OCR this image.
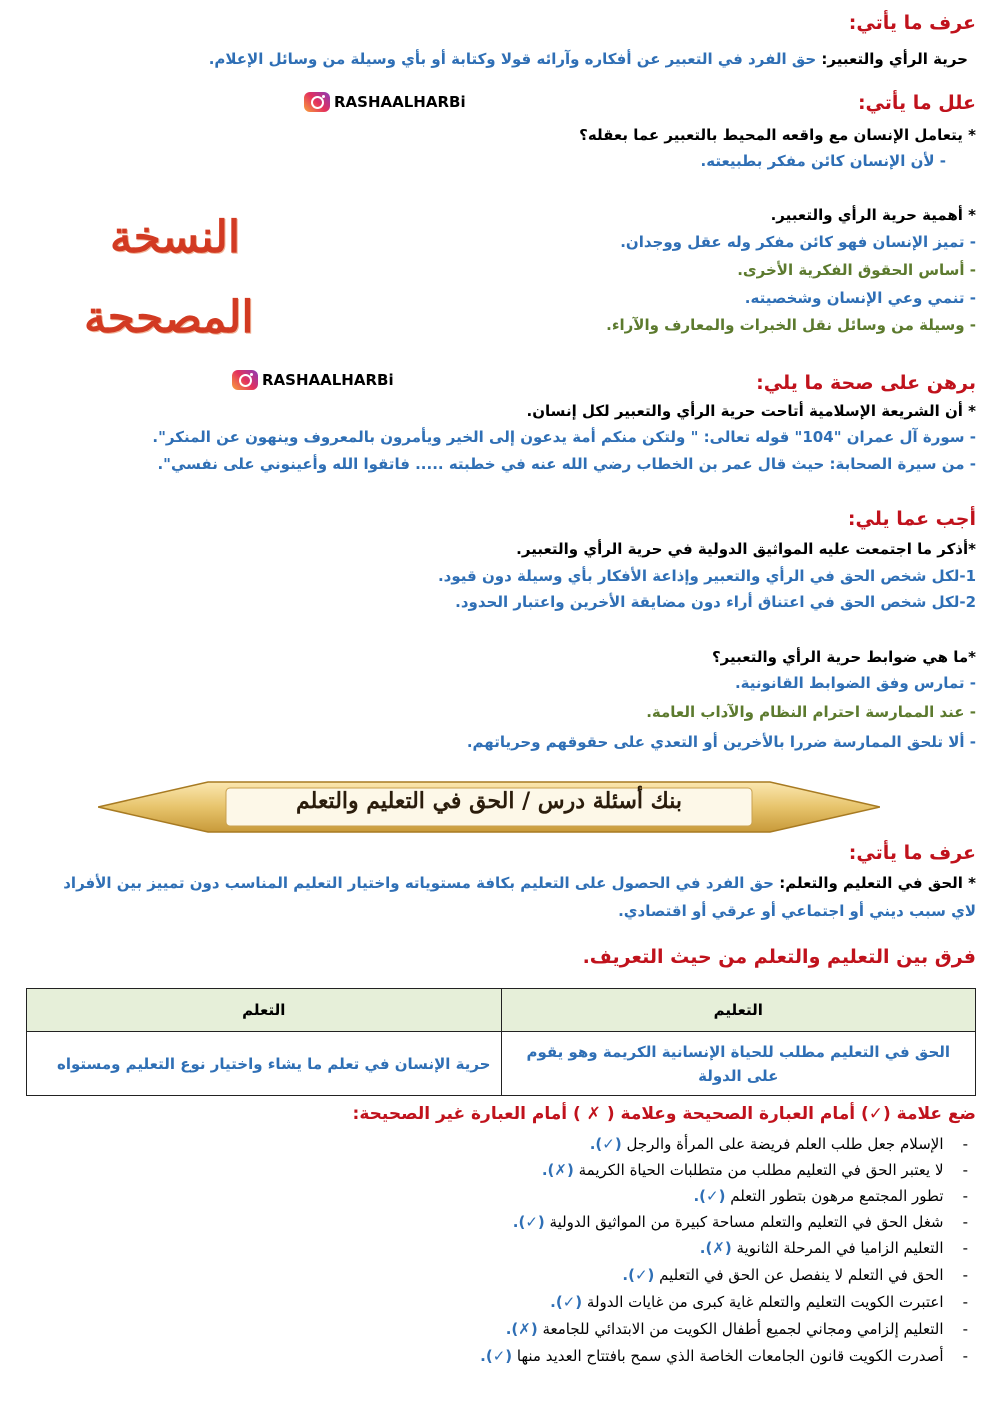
عرف ما يأتي:
حرية الرأي والتعبير: حق الفرد في التعبير عن أفكاره وآرائه قولا وكتابة أو بأي وسيلة من وسائل الإعلام.
RASHAALHARBi	علل ما يأتي:
* يتعامل الإنسان مع واقعه المحيط بالتعبير عما بعقله؟
- لأن الإنسان كائن مفكر بطبيعته.
* أهمية حرية الرأي والتعبير.
- تميز الإنسان فهو كائن مفكر وله عقل ووجدان.
- أساس الحقوق الفكرية الأخرى.
- تنمي وعي الإنسان وشخصيته.
- وسيلة من وسائل نقل الخبرات والمعارف والآراء.
النسخة
المصححة
RASHAALHARBi	برهن على صحة ما يلي:
* أن الشريعة الإسلامية أتاحت حرية الرأي والتعبير لكل إنسان.
- سورة آل عمران "104" قوله تعالى: " ولتكن منكم أمة يدعون إلى الخير ويأمرون بالمعروف وينهون عن المنكر".
- من سيرة الصحابة: حيث قال عمر بن الخطاب رضي الله عنه في خطبته ..... فاتقوا الله وأعينوني على نفسي".
أجب عما يلي:
*أذكر ما اجتمعت عليه المواثيق الدولية في حرية الرأي والتعبير.
1-لكل شخص الحق في الرأي والتعبير وإذاعة الأفكار بأي وسيلة دون قيود.
2-لكل شخص الحق في اعتناق أراء دون مضايقة الأخرين واعتبار الحدود.
*ما هي ضوابط حرية الرأي والتعبير؟
- تمارس وفق الضوابط القانونية.
- عند الممارسة احترام النظام والآداب العامة.
- ألا تلحق الممارسة ضررا بالأخرين أو التعدي على حقوقهم وحرياتهم.
بنك أسئلة درس / الحق في التعليم والتعلم
عرف ما يأتي:
* الحق في التعليم والتعلم: حق الفرد في الحصول على التعليم بكافة مستوياته واختيار التعليم المناسب دون تمييز بين الأفراد
لاي سبب ديني أو اجتماعي أو عرقي أو اقتصادي.
فرق بين التعليم والتعلم من حيث التعريف.
التعليم	التعلم
الحق في التعليم مطلب للحياة الإنسانية الكريمة وهو يقوم على الدولة	حرية الإنسان في تعلم ما يشاء واختيار نوع التعليم ومستواه
ضع علامة (✓) أمام العبارة الصحيحة وعلامة ( ✗ ) أمام العبارة غير الصحيحة:
-    الإسلام جعل طلب العلم فريضة على المرأة والرجل (✓).
-    لا يعتبر الحق في التعليم مطلب من متطلبات الحياة الكريمة (✗).
-    تطور المجتمع مرهون بتطور التعلم (✓).
-    شغل الحق في التعليم والتعلم مساحة كبيرة من المواثيق الدولية (✓).
-    التعليم الزاميا في المرحلة الثانوية (✗).
-    الحق في التعلم لا ينفصل عن الحق في التعليم (✓).
-    اعتبرت الكويت التعليم والتعلم غاية كبرى من غايات الدولة (✓).
-    التعليم إلزامي ومجاني لجميع أطفال الكويت من الابتدائي للجامعة (✗).
-    أصدرت الكويت قانون الجامعات الخاصة الذي سمح بافتتاح العديد منها (✓).
